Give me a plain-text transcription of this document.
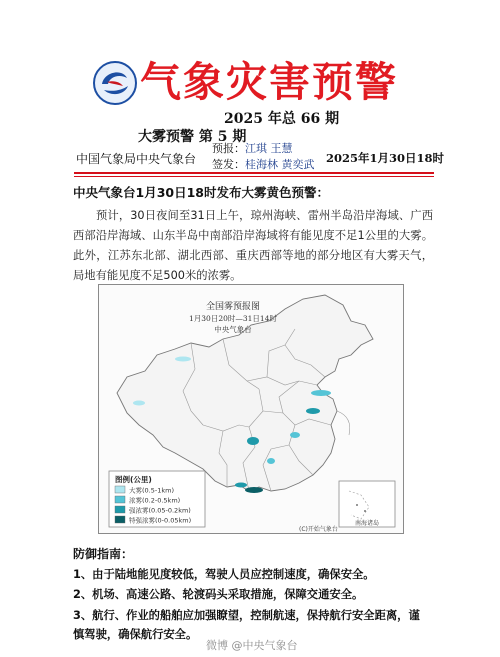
气象灾害预警
2025 年总 66 期
大雾预警 第 5 期
中国气象局中央气象台
预报：江琪 王慧
签发：桂海林 黄奕武 2025年1月30日18时
中央气象台1月30日18时发布大雾黄色预警：
预计，30日夜间至31日上午，琼州海峡、雷州半岛沿岸海域、广西西部沿岸海域、山东半岛中南部沿岸海域将有能见度不足1公里的大雾。此外，江苏东北部、湖北西部、重庆西部等地的部分地区有大雾天气，局地有能见度不足500米的浓雾。
全国雾预报图
1月30日20时—31日14时
中央气象台
图例(公里)
大雾(0.5-1km)
浓雾(0.2-0.5km)
强浓雾(0.05-0.2km)
特强浓雾(0-0.05km)	南海诸岛
(C)开始气象台
防御指南：
1、由于陆地能见度较低，驾驶人员应控制速度，确保安全。
2、机场、高速公路、轮渡码头采取措施，保障交通安全。
3、航行、作业的船舶应加强瞭望，控制航速，保持航行安全距离，谨慎驾驶，确保航行安全。
微博 @中央气象台
